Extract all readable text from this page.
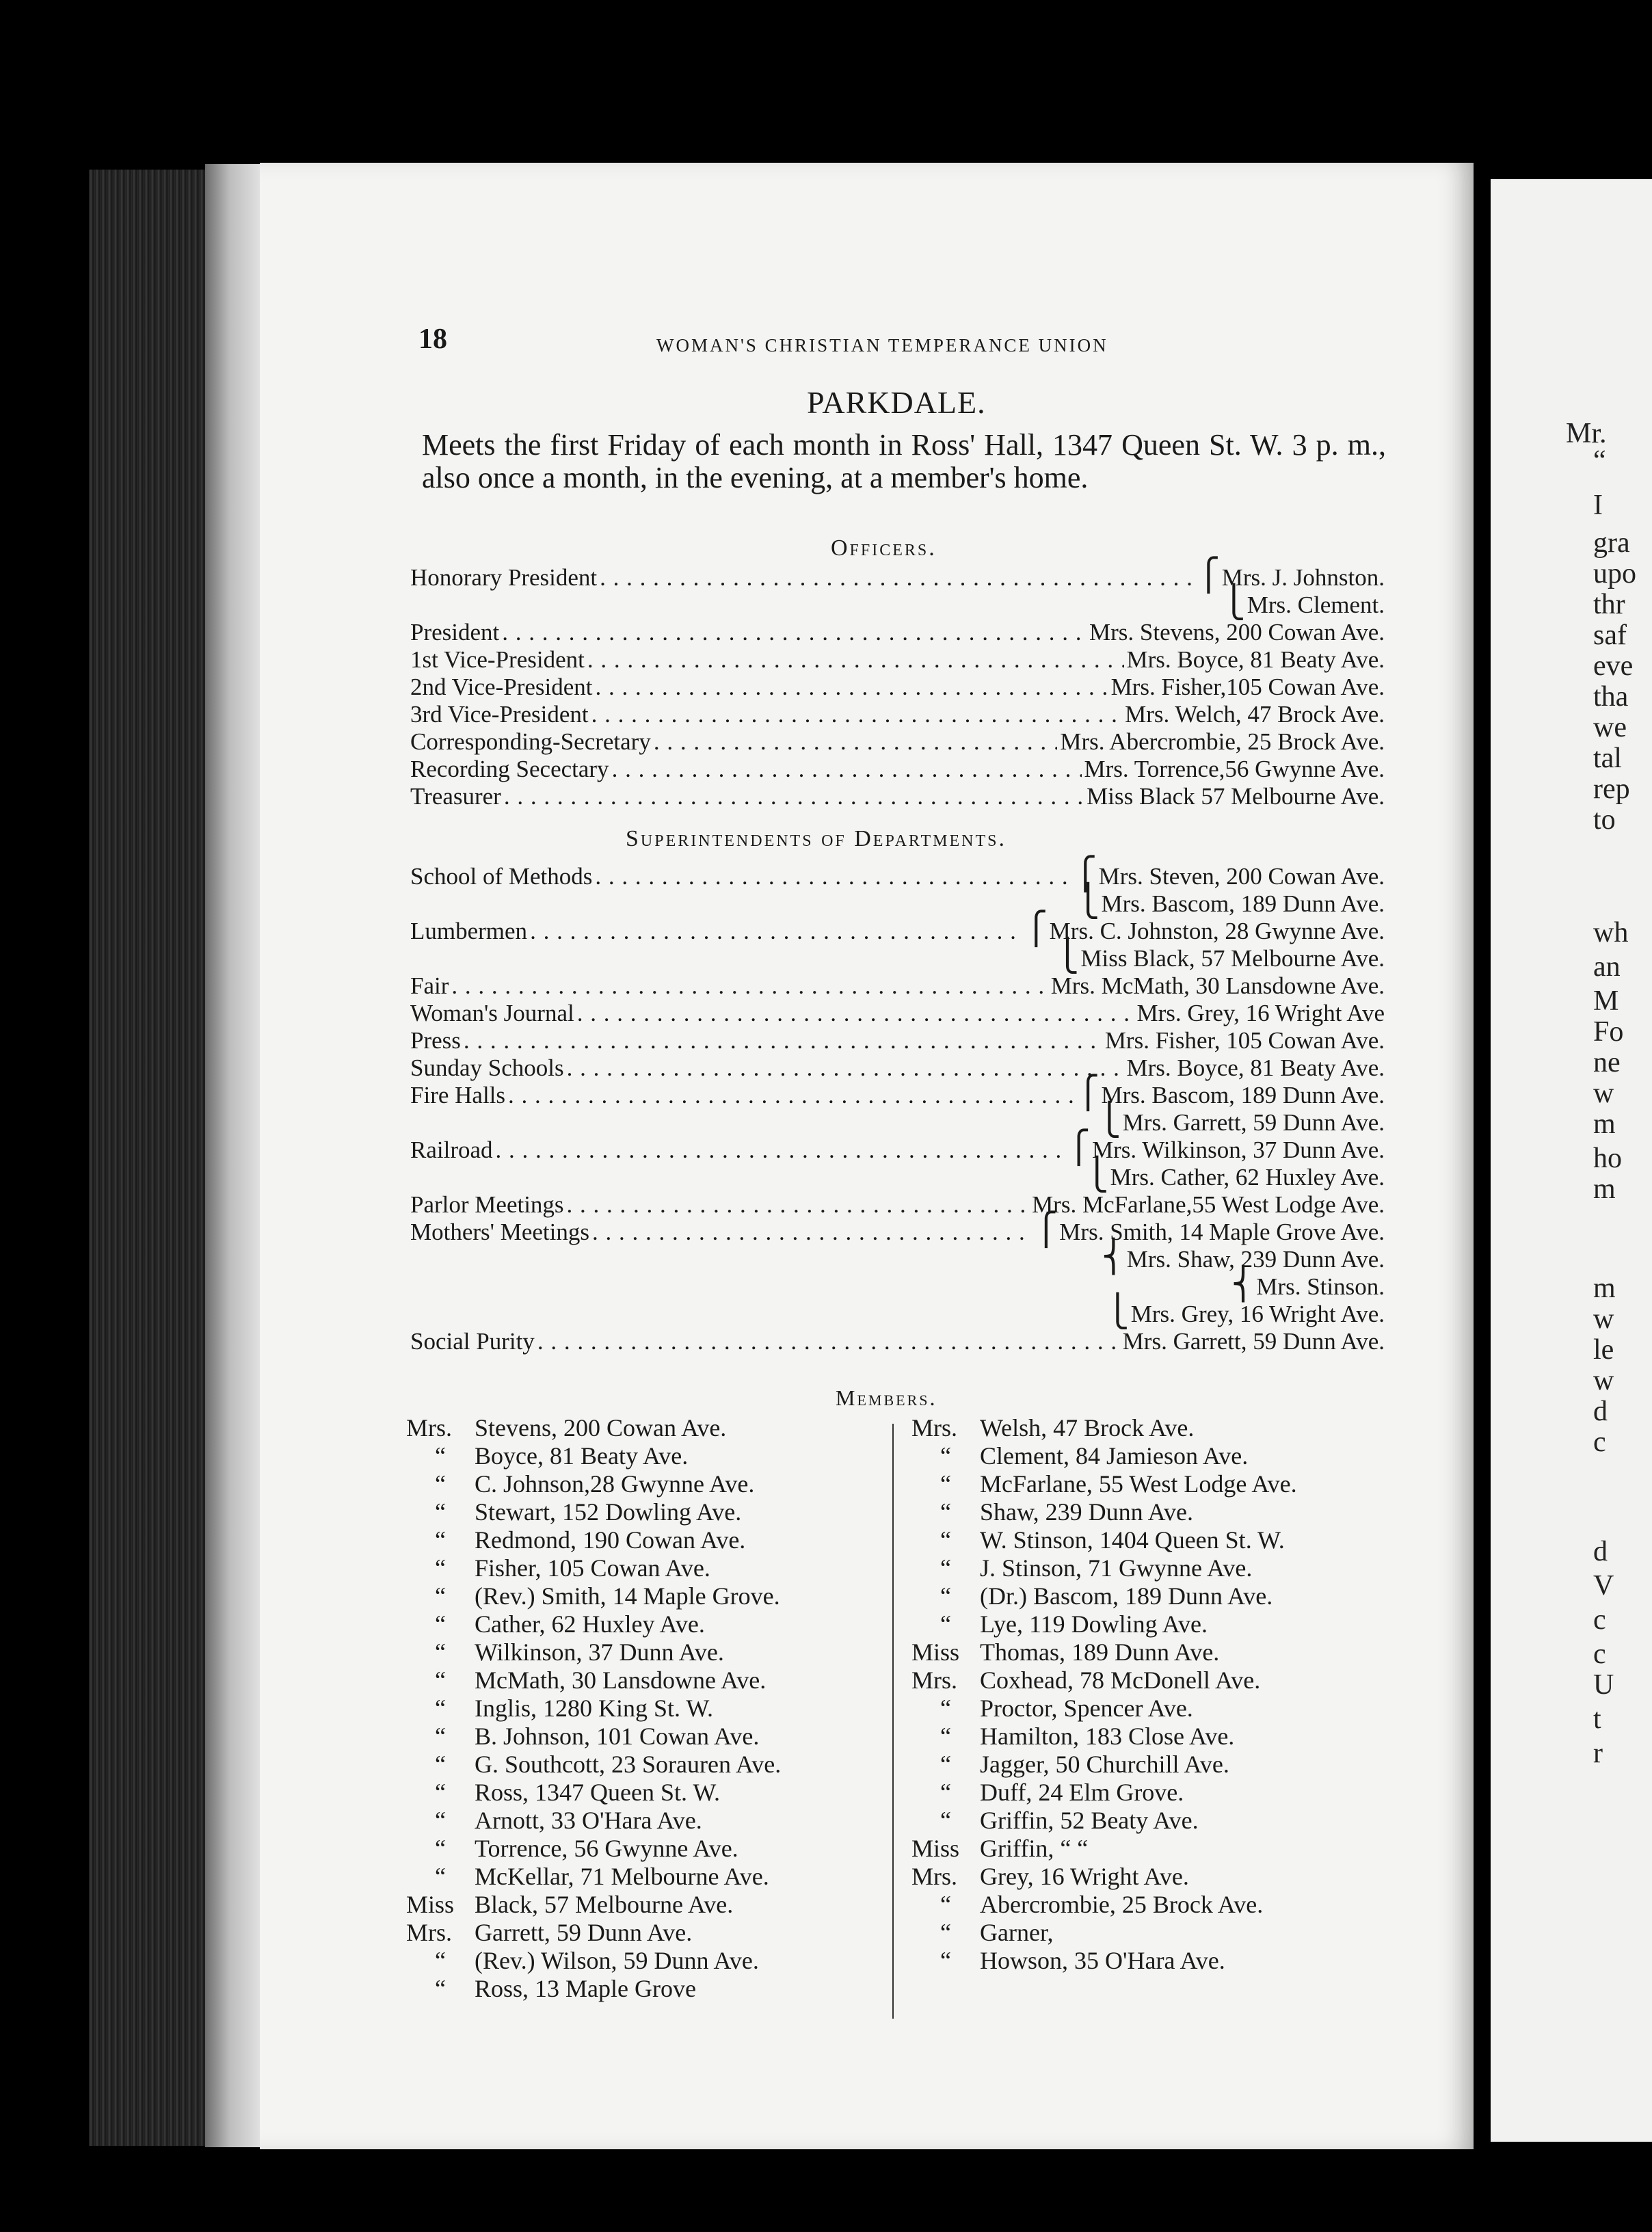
Mr.
“
I
gra
upo
thr
saf
eve
tha
we
tal
rep
to
wh
an
M
Fo
ne
w
m
ho
m
m
w
le
w
d
c
d
V
c
c
U
t
r
18	WOMAN'S CHRISTIAN TEMPERANCE UNION
PARKDALE.
Meets the first Friday of each month in Ross' Hall, 1347 Queen St. W. 3 p. m., also once a month, in the evening, at a member's home.
Officers.
Honorary President . . .	⎧Mrs. J. Johnston.
⎩Mrs. Clement.
President . . .	Mrs. Stevens, 200 Cowan Ave.
1st Vice-President . . .	Mrs. Boyce, 81 Beaty Ave.
2nd Vice-President . . .	Mrs. Fisher,105 Cowan Ave.
3rd Vice-President . . .	Mrs. Welch, 47 Brock Ave.
Corresponding-Secretary . . .	Mrs. Abercrombie, 25 Brock Ave.
Recording Secectary . . .	Mrs. Torrence,56 Gwynne Ave.
Treasurer . . .	Miss Black 57 Melbourne Ave.
Superintendents of Departments.
School of Methods . . .	⎧Mrs. Steven, 200 Cowan Ave.
⎩Mrs. Bascom, 189 Dunn Ave.
Lumbermen . . .	⎧Mrs. C. Johnston, 28 Gwynne Ave.
⎩Miss Black, 57 Melbourne Ave.
Fair . . .	Mrs. McMath, 30 Lansdowne Ave.
Woman's Journal . . .	Mrs. Grey, 16 Wright Ave
Press . . .	Mrs. Fisher, 105 Cowan Ave.
Sunday Schools . . .	Mrs. Boyce, 81 Beaty Ave.
Fire Halls . . .	⎧Mrs. Bascom, 189 Dunn Ave.
⎩Mrs. Garrett, 59 Dunn Ave.
Railroad . . .	⎧Mrs. Wilkinson, 37 Dunn Ave.
⎩Mrs. Cather, 62 Huxley Ave.
Parlor Meetings . . .	Mrs. McFarlane,55 West Lodge Ave.
Mothers' Meetings . . .	⎧Mrs. Smith, 14 Maple Grove Ave.
⎨Mrs. Shaw, 239 Dunn Ave.
⎨Mrs. Stinson.
⎩Mrs. Grey, 16 Wright Ave.
Social Purity . . .	Mrs. Garrett, 59 Dunn Ave.
Members.
Mrs. Stevens, 200 Cowan Ave.
“ Boyce, 81 Beaty Ave.
“ C. Johnson,28 Gwynne Ave.
“ Stewart, 152 Dowling Ave.
“ Redmond, 190 Cowan Ave.
“ Fisher, 105 Cowan Ave.
“ (Rev.) Smith, 14 Maple Grove.
“ Cather, 62 Huxley Ave.
“ Wilkinson, 37 Dunn Ave.
“ McMath, 30 Lansdowne Ave.
“ Inglis, 1280 King St. W.
“ B. Johnson, 101 Cowan Ave.
“ G. Southcott, 23 Sorauren Ave.
“ Ross, 1347 Queen St. W.
“ Arnott, 33 O'Hara Ave.
“ Torrence, 56 Gwynne Ave.
“ McKellar, 71 Melbourne Ave.
Miss Black, 57 Melbourne Ave.
Mrs. Garrett, 59 Dunn Ave.
“ (Rev.) Wilson, 59 Dunn Ave.
“ Ross, 13 Maple Grove
Mrs. Welsh, 47 Brock Ave.
“ Clement, 84 Jamieson Ave.
“ McFarlane, 55 West Lodge Ave.
“ Shaw, 239 Dunn Ave.
“ W. Stinson, 1404 Queen St. W.
“ J. Stinson, 71 Gwynne Ave.
“ (Dr.) Bascom, 189 Dunn Ave.
“ Lye, 119 Dowling Ave.
Miss Thomas, 189 Dunn Ave.
Mrs. Coxhead, 78 McDonell Ave.
“ Proctor, Spencer Ave.
“ Hamilton, 183 Close Ave.
“ Jagger, 50 Churchill Ave.
“ Duff, 24 Elm Grove.
“ Griffin, 52 Beaty Ave.
Miss Griffin, “ “
Mrs. Grey, 16 Wright Ave.
“ Abercrombie, 25 Brock Ave.
“ Garner,
“ Howson, 35 O'Hara Ave.
